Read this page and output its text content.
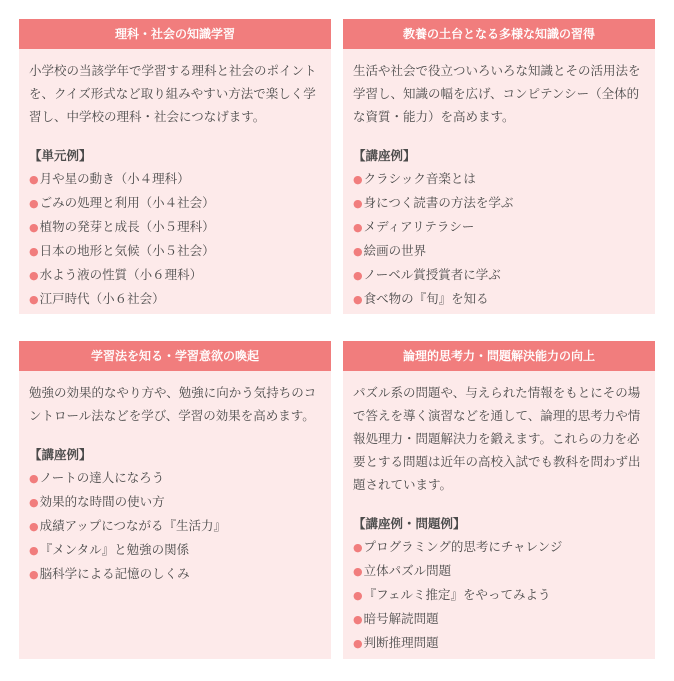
理科・社会の知識学習

小学校の当該学年で学習する理科と社会のポイントを、クイズ形式など取り組みやすい方法で楽しく学習し、中学校の理科・社会につなげます。

【単元例】
●月や星の動き（小４理科）
●ごみの処理と利用（小４社会）
●植物の発芽と成長（小５理科）
●日本の地形と気候（小５社会）
●水よう液の性質（小６理科）
●江戸時代（小６社会）
教養の土台となる多様な知識の習得

生活や社会で役立ついろいろな知識とその活用法を学習し、知識の幅を広げ、コンピテンシー（全体的な資質・能力）を高めます。

【講座例】
●クラシック音楽とは
●身につく読書の方法を学ぶ
●メディアリテラシー
●絵画の世界
●ノーベル賞授賞者に学ぶ
●食べ物の『旬』を知る
学習法を知る・学習意欲の喚起

勉強の効果的なやり方や、勉強に向かう気持ちのコントロール法などを学び、学習の効果を高めます。

【講座例】
●ノートの達人になろう
●効果的な時間の使い方
●成績アップにつながる『生活力』
●『メンタル』と勉強の関係
●脳科学による記憶のしくみ
論理的思考力・問題解決能力の向上

パズル系の問題や、与えられた情報をもとにその場で答えを導く演習などを通して、論理的思考力や情報処理力・問題解決力を鍛えます。これらの力を必要とする問題は近年の高校入試でも教科を問わず出題されています。

【講座例・問題例】
●プログラミング的思考にチャレンジ
●立体パズル問題
●『フェルミ推定』をやってみよう
●暗号解読問題
●判断推理問題
